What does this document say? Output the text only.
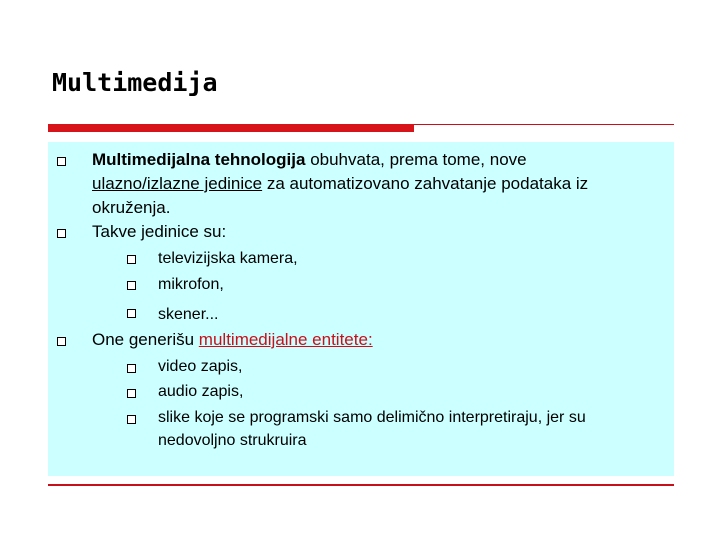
Multimedija
Multimedijalna tehnologija obuhvata, prema tome, nove
ulazno/izlazne jedinice za automatizovano zahvatanje podataka iz
okruženja.
Takve jedinice su:
televizijska kamera,
mikrofon,
skener...
One generišu multimedijalne entitete:
video zapis,
audio zapis,
slike koje se programski samo delimično interpretiraju, jer su
nedovoljno strukruira
